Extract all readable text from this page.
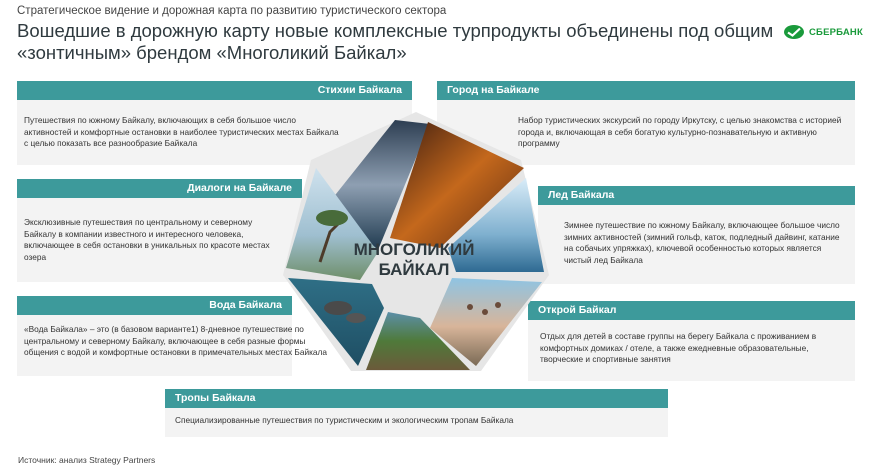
Стратегическое видение и дорожная карта по развитию туристического сектора
Вошедшие в дорожную карту новые комплексные турпродукты объединены под общим «зонтичным» брендом «Многоликий Байкал»
СБЕРБАНК
Стихии Байкала
Путешествия по южному Байкалу, включающих в себя большое число активностей и комфортные остановки в наиболее туристических местах Байкала с целью показать все разнообразие Байкала
Диалоги на Байкале
Эксклюзивные путешествия по центральному и северному Байкалу в компании известного и интересного человека, включающее в себя остановки в уникальных по красоте местах озера
Вода Байкала
«Вода Байкала» – это (в базовом варианте1) 8-дневное путешествие по центральному и северному Байкалу, включающее в себя разные формы общения с водой и комфортные остановки в примечательных местах Байкала
Город на Байкале
Набор туристических экскурсий по городу Иркутску, с целью знакомства с историей города и, включающая в себя богатую культурно-познавательную и активную программу
Лед Байкала
Зимнее путешествие по южному Байкалу, включающее большое число зимних активностей (зимний гольф, каток, подледный дайвинг, катание на собачьих упряжках), ключевой особенностью которых является чистый лед Байкала
Открой Байкал
Отдых для детей в составе группы на берегу Байкала с проживанием в комфортных домиках / отеле, а также ежедневные образовательные, творческие и спортивные занятия
Тропы Байкала
Специализированные путешествия по туристическим и экологическим тропам Байкала
МНОГОЛИКИЙ
БАЙКАЛ
Источник: анализ Strategy Partners
